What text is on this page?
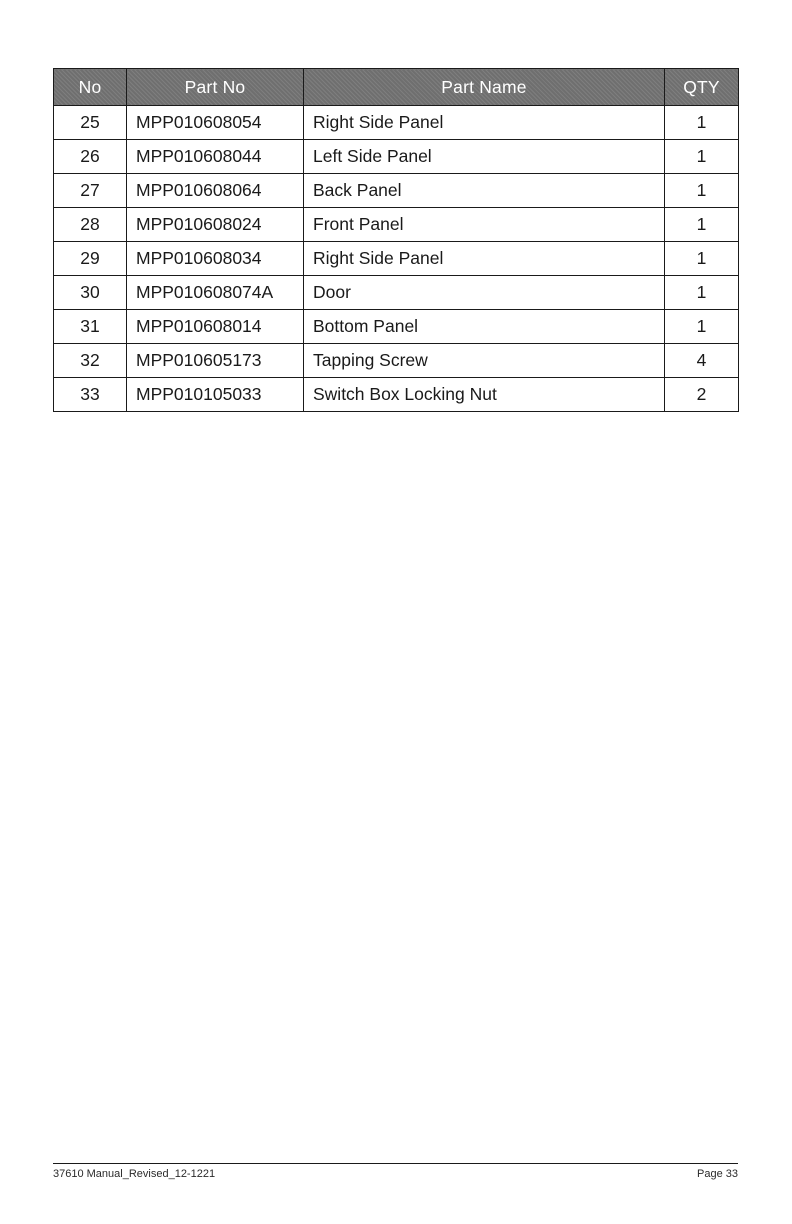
No	Part No	Part Name	QTY
25	MPP010608054	Right Side Panel	1
26	MPP010608044	Left Side Panel	1
27	MPP010608064	Back Panel	1
28	MPP010608024	Front Panel	1
29	MPP010608034	Right Side Panel	1
30	MPP010608074A	Door	1
31	MPP010608014	Bottom Panel	1
32	MPP010605173	Tapping Screw	4
33	MPP010105033	Switch Box Locking Nut	2
37610 Manual_Revised_12-1221	Page 33
